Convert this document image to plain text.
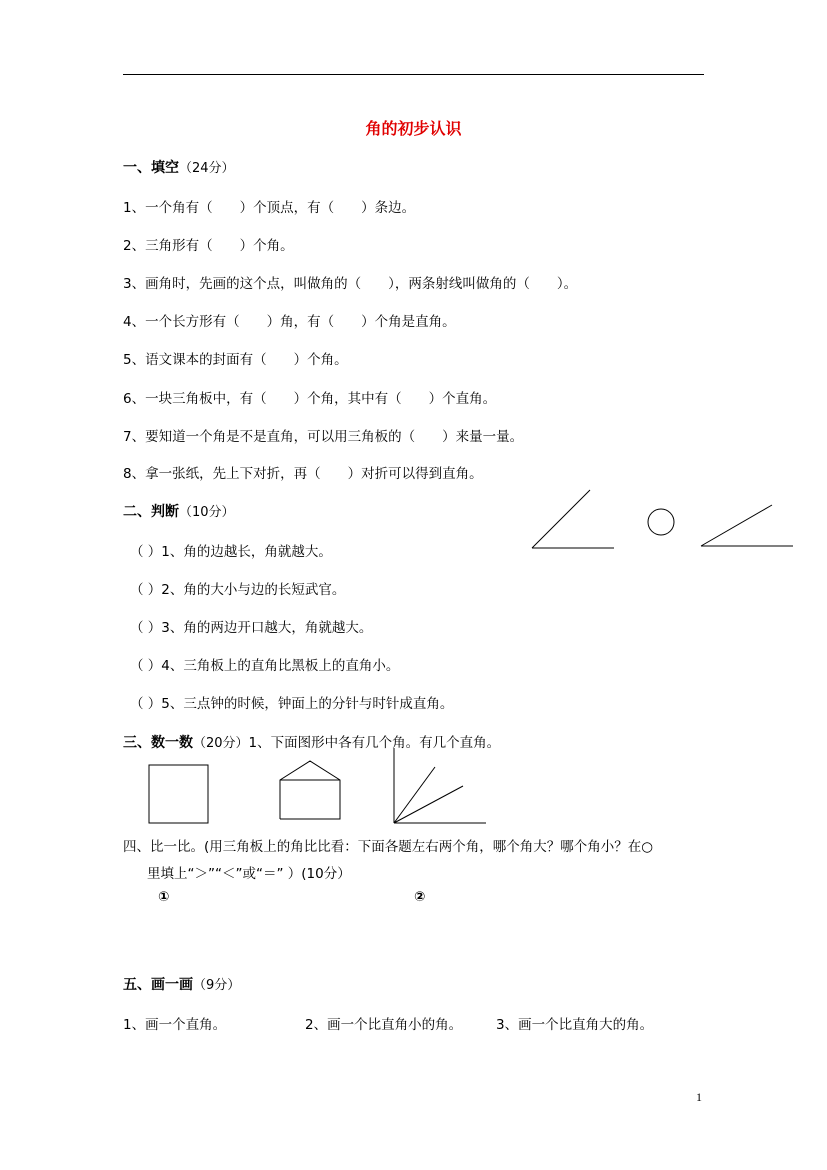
角的初步认识
一、填空（24分）
1、一个角有（　　）个顶点，有（　　）条边。
2、三角形有（　　）个角。
3、画角时，先画的这个点，叫做角的（　　），两条射线叫做角的（　　）。
4、一个长方形有（　　）角，有（　　）个角是直角。
5、语文课本的封面有（　　）个角。
6、一块三角板中，有（　　）个角，其中有（　　）个直角。
7、要知道一个角是不是直角，可以用三角板的（　　）来量一量。
8、拿一张纸，先上下对折，再（　　）对折可以得到直角。
二、判断（10分）
（ ）1、角的边越长，角就越大。
（ ）2、角的大小与边的长短武官。
（ ）3、角的两边开口越大，角就越大。
（ ）4、三角板上的直角比黑板上的直角小。
（ ）5、三点钟的时候，钟面上的分针与时针成直角。
三、数一数（20分）1、下面图形中各有几个角。有几个直角。
四、比一比。(用三角板上的角比比看：下面各题左右两个角，哪个角大？哪个角小？在○
里填上“＞”“＜”或“＝” ）(10分）
①	②
五、画一画（9分）
1、画一个直角。	2、画一个比直角小的角。	3、画一个比直角大的角。
1
